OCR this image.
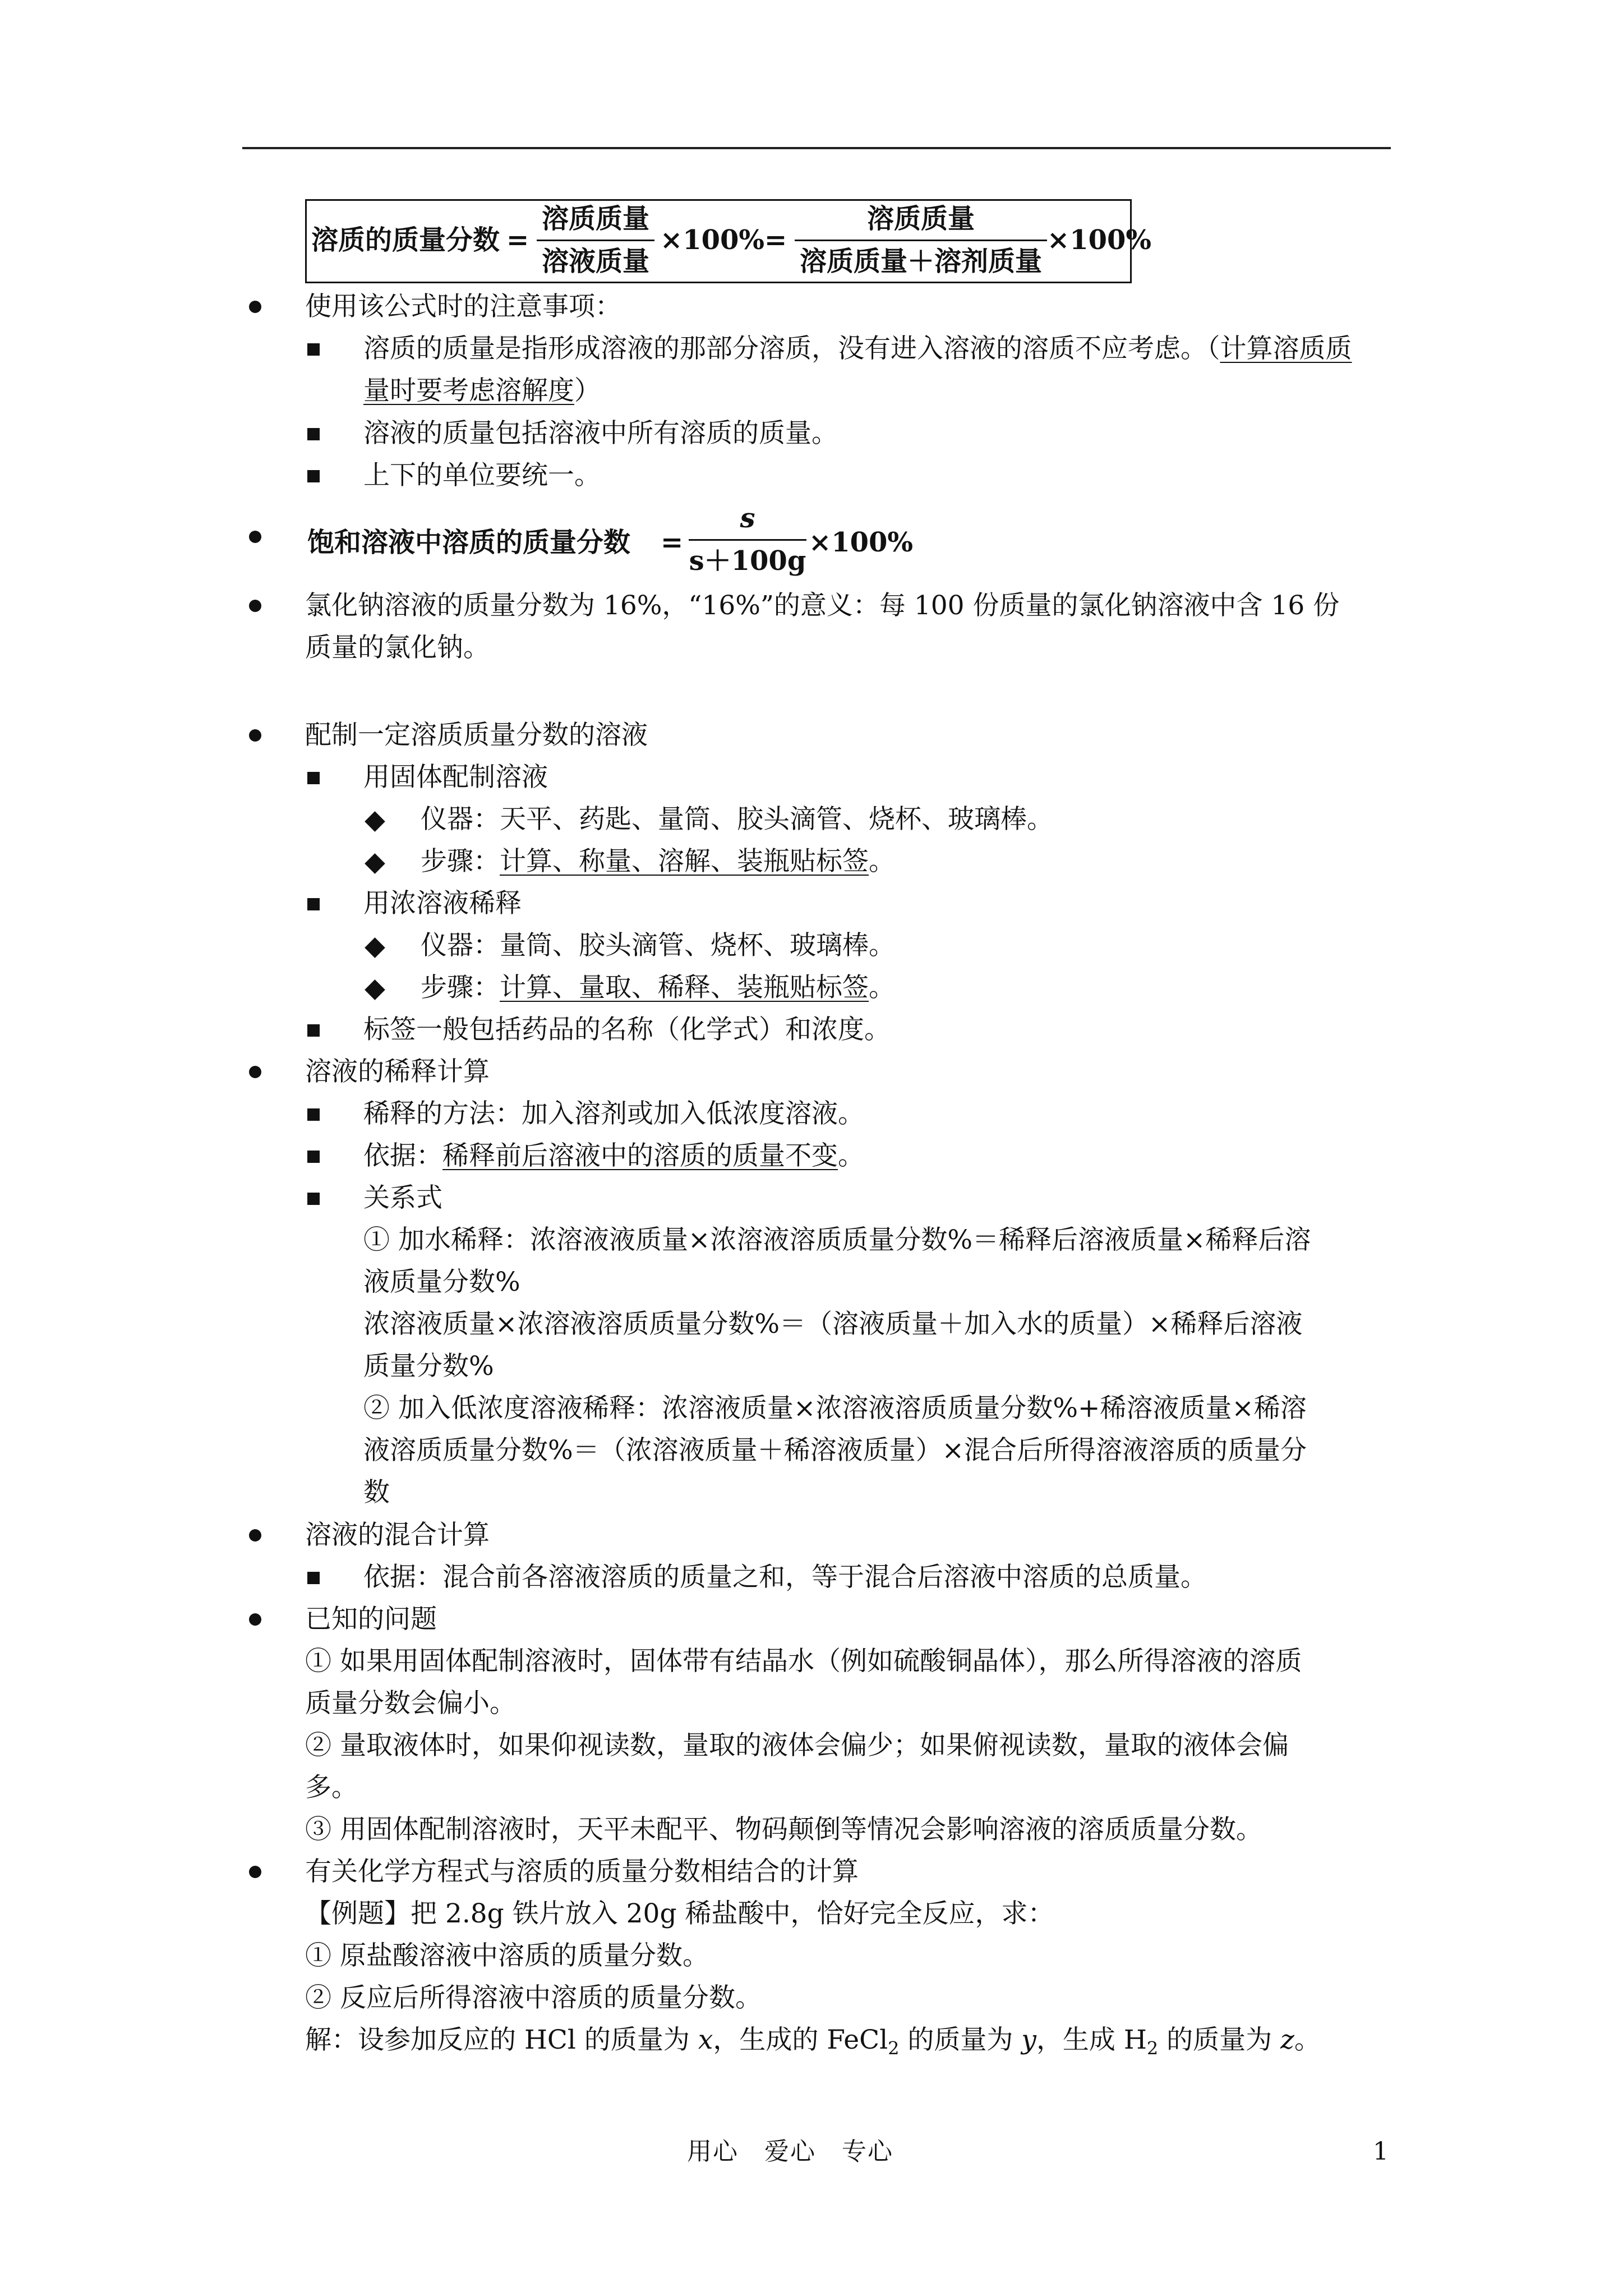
溶质的质量分数 =
溶质质量
溶液质量
×100% =
溶质质量
溶质质量＋溶剂质量
×100%
使用该公式时的注意事项：
溶质的质量是指形成溶液的那部分溶质，没有进入溶液的溶质不应考虑。（计算溶质质
量时要考虑溶解度）
溶液的质量包括溶液中所有溶质的质量。
上下的单位要统一。
饱和溶液中溶质的质量分数 =
s
s＋100g
×100%
氯化钠溶液的质量分数为 16%，“16%”的意义：每 100 份质量的氯化钠溶液中含 16 份
质量的氯化钠。
配制一定溶质质量分数的溶液
用固体配制溶液
◆ 仪器：天平、药匙、量筒、胶头滴管、烧杯、玻璃棒。
◆ 步骤：计算、称量、溶解、装瓶贴标签。
用浓溶液稀释
◆ 仪器：量筒、胶头滴管、烧杯、玻璃棒。
◆ 步骤：计算、量取、稀释、装瓶贴标签。
标签一般包括药品的名称（化学式）和浓度。
溶液的稀释计算
稀释的方法：加入溶剂或加入低浓度溶液。
依据：稀释前后溶液中的溶质的质量不变。
关系式
① 加水稀释：浓溶液液质量×浓溶液溶质质量分数%＝稀释后溶液质量×稀释后溶
液质量分数%
浓溶液质量×浓溶液溶质质量分数%＝（溶液质量＋加入水的质量）×稀释后溶液
质量分数%
② 加入低浓度溶液稀释：浓溶液质量×浓溶液溶质质量分数%+稀溶液质量×稀溶
液溶质质量分数%＝（浓溶液质量＋稀溶液质量）×混合后所得溶液溶质的质量分
数
溶液的混合计算
依据：混合前各溶液溶质的质量之和，等于混合后溶液中溶质的总质量。
已知的问题
① 如果用固体配制溶液时，固体带有结晶水（例如硫酸铜晶体），那么所得溶液的溶质
质量分数会偏小。
② 量取液体时，如果仰视读数，量取的液体会偏少；如果俯视读数，量取的液体会偏
多。
③ 用固体配制溶液时，天平未配平、物码颠倒等情况会影响溶液的溶质质量分数。
有关化学方程式与溶质的质量分数相结合的计算
【例题】把 2.8g 铁片放入 20g 稀盐酸中，恰好完全反应，求：
① 原盐酸溶液中溶质的质量分数。
② 反应后所得溶液中溶质的质量分数。
解：设参加反应的 HCl 的质量为 x，生成的 FeCl$_2$ 的质量为 y，生成 $H_2$ 的质量为 z。
用心　爱心　专心	1
